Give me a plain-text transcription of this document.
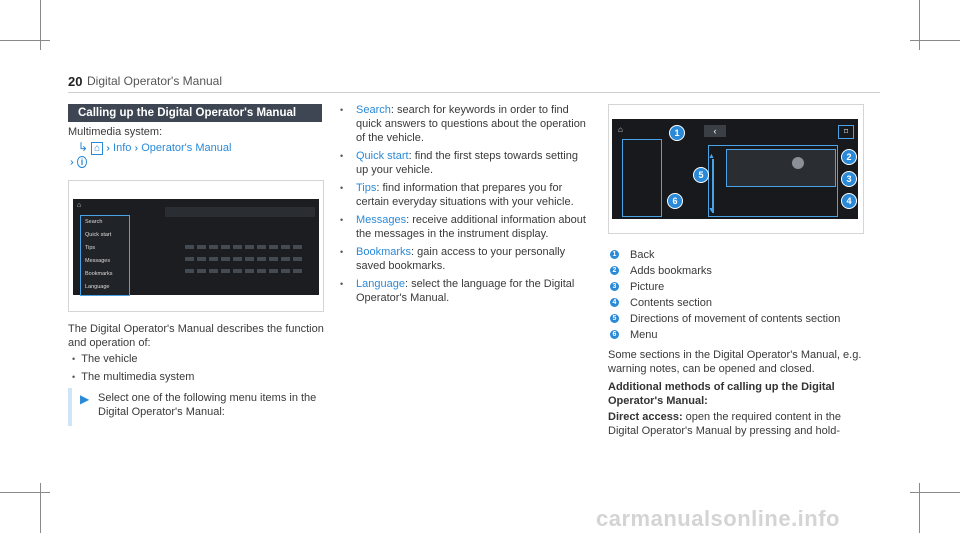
20 Digital Operator's Manual
Calling up the Digital Operator's Manual
Multimedia system:
↳ ⌂ ›› Info ›› Operator's Manual
›› i
⌂
Search
Quick start
Tips
Messages
Bookmarks
Language
The Digital Operator's Manual describes the function and operation of:
• The vehicle
• The multimedia system
▶ Select one of the following menu items in the Digital Operator's Manual:
• Search: search for keywords in order to find quick answers to questions about the operation of the vehicle.
• Quick start: find the first steps towards setting up your vehicle.
• Tips: find information that prepares you for certain everyday situations with your vehicle.
• Messages: receive additional information about the messages in the instrument display.
• Bookmarks: gain access to your personally saved bookmarks.
• Language: select the language for the Digital Operator's Manual.
⌂	‹	⌑
▲
▼
1
2
3
4
5
6
1 Back
2 Adds bookmarks
3 Picture
4 Contents section
5 Directions of movement of contents section
6 Menu
Some sections in the Digital Operator's Manual, e.g. warning notes, can be opened and closed.
Additional methods of calling up the Digital Operator's Manual:
Direct access: open the required content in the Digital Operator's Manual by pressing and hold-
carmanualsonline.info
